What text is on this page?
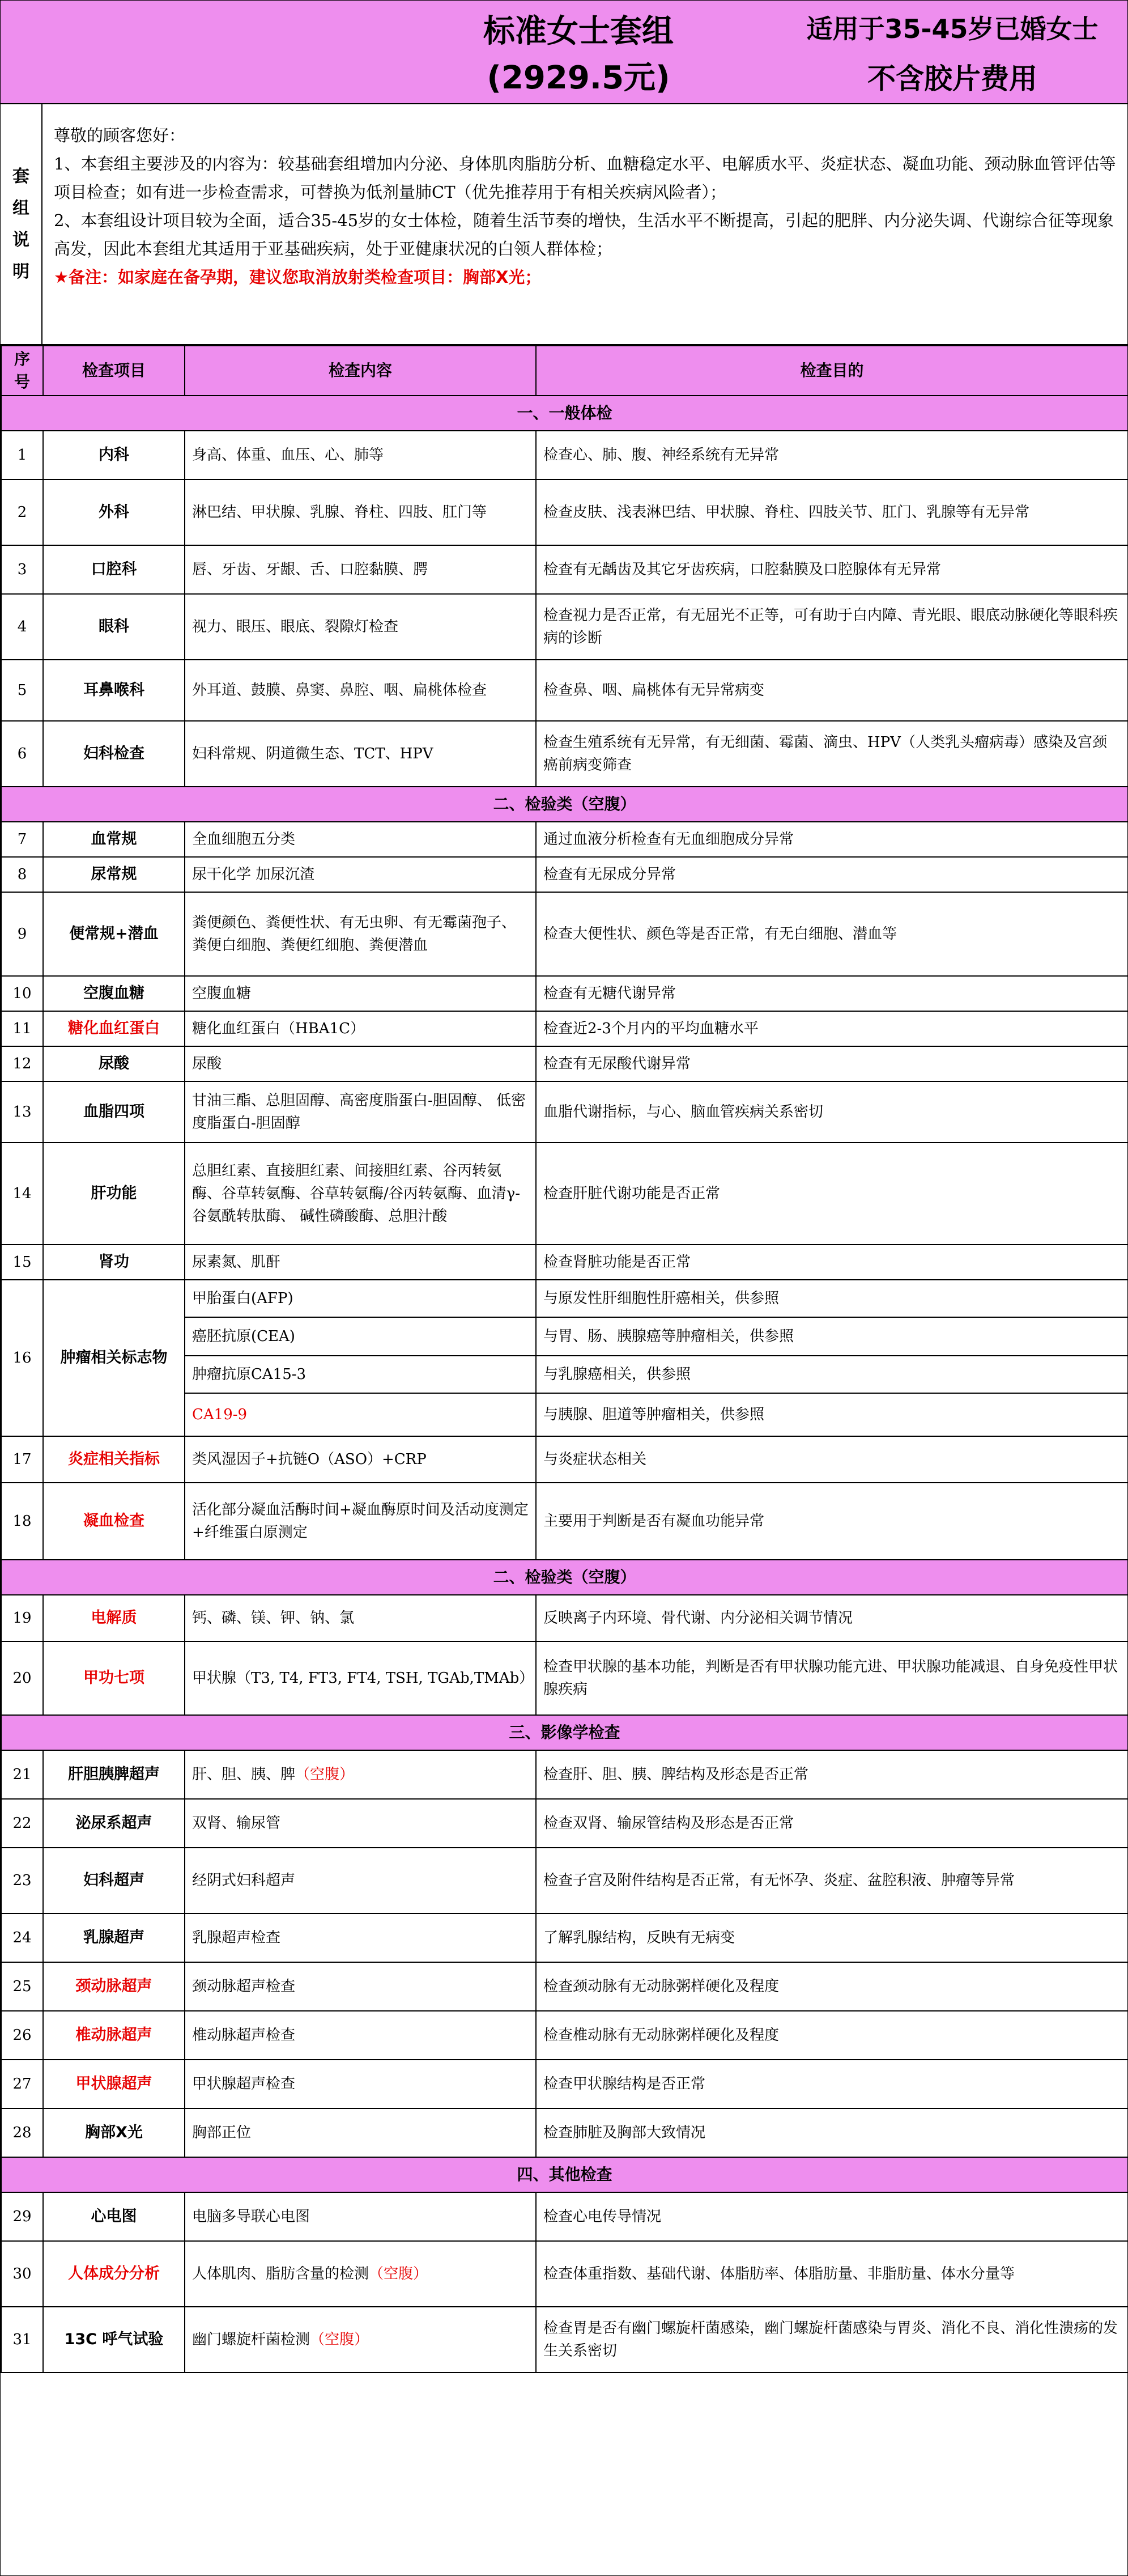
标准女士套组
(2929.5元)
适用于35-45岁已婚女士
不含胶片费用
套
组
说
明

尊敬的顾客您好：

1、本套组主要涉及的内容为：较基础套组增加内分泌、身体肌肉脂肪分析、血糖稳定水平、电解质水平、炎症状态、凝血功能、颈动脉血管评估等项目检查；如有进一步检查需求，可替换为低剂量肺CT（优先推荐用于有相关疾病风险者）；

2、本套组设计项目较为全面，适合35-45岁的女士体检，随着生活节奏的增快，生活水平不断提高，引起的肥胖、内分泌失调、代谢综合征等现象高发，因此本套组尤其适用于亚基础疾病，处于亚健康状况的白领人群体检；

★备注：如家庭在备孕期，建议您取消放射类检查项目：胸部X光；

序号	检查项目	检查内容	检查目的
一、一般体检			
1	内科	身高、体重、血压、心、肺等	检查心、肺、腹、神经系统有无异常
2	外科	淋巴结、甲状腺、乳腺、脊柱、四肢、肛门等	检查皮肤、浅表淋巴结、甲状腺、脊柱、四肢关节、肛门、乳腺等有无异常
3	口腔科	唇、牙齿、牙龈、舌、口腔黏膜、腭	检查有无龋齿及其它牙齿疾病，口腔黏膜及口腔腺体有无异常
4	眼科	视力、眼压、眼底、裂隙灯检查	检查视力是否正常，有无屈光不正等，可有助于白内障、青光眼、眼底动脉硬化等眼科疾病的诊断
5	耳鼻喉科	外耳道、鼓膜、鼻窦、鼻腔、咽、扁桃体检查	检查鼻、咽、扁桃体有无异常病变
6	妇科检查	妇科常规、阴道微生态、TCT、HPV	检查生殖系统有无异常，有无细菌、霉菌、滴虫、HPV（人类乳头瘤病毒）感染及宫颈癌前病变筛查
二、检验类（空腹）			
7	血常规	全血细胞五分类	通过血液分析检查有无血细胞成分异常
8	尿常规	尿干化学 加尿沉渣	检查有无尿成分异常
9	便常规+潜血	粪便颜色、粪便性状、有无虫卵、有无霉菌孢子、粪便白细胞、粪便红细胞、粪便潜血	检查大便性状、颜色等是否正常，有无白细胞、潜血等
10	空腹血糖	空腹血糖	检查有无糖代谢异常
11	糖化血红蛋白	糖化血红蛋白（HBA1C）	检查近2-3个月内的平均血糖水平
12	尿酸	尿酸	检查有无尿酸代谢异常
13	血脂四项	甘油三酯、总胆固醇、高密度脂蛋白-胆固醇、 低密度脂蛋白-胆固醇	血脂代谢指标，与心、脑血管疾病关系密切
14	肝功能	总胆红素、直接胆红素、间接胆红素、谷丙转氨酶、谷草转氨酶、谷草转氨酶/谷丙转氨酶、血清γ-谷氨酰转肽酶、 碱性磷酸酶、总胆汁酸	检查肝脏代谢功能是否正常
15	肾功	尿素氮、肌酐	检查肾脏功能是否正常
16	肿瘤相关标志物	甲胎蛋白(AFP)	与原发性肝细胞性肝癌相关，供参照
		癌胚抗原(CEA)	与胃、肠、胰腺癌等肿瘤相关，供参照
		肿瘤抗原CA15-3	与乳腺癌相关，供参照
		CA19-9	与胰腺、胆道等肿瘤相关，供参照
17	炎症相关指标	类风湿因子+抗链O（ASO）+CRP	与炎症状态相关
18	凝血检查	活化部分凝血活酶时间+凝血酶原时间及活动度测定+纤维蛋白原测定	主要用于判断是否有凝血功能异常
二、检验类（空腹）			
19	电解质	钙、磷、镁、钾、钠、氯	反映离子内环境、骨代谢、内分泌相关调节情况
20	甲功七项	甲状腺（T3, T4, FT3, FT4, TSH, TGAb,TMAb）	检查甲状腺的基本功能，判断是否有甲状腺功能亢进、甲状腺功能减退、自身免疫性甲状腺疾病
三、影像学检查			
21	肝胆胰脾超声	肝、胆、胰、脾（空腹）	检查肝、胆、胰、脾结构及形态是否正常
22	泌尿系超声	双肾、输尿管	检查双肾、输尿管结构及形态是否正常
23	妇科超声	经阴式妇科超声	检查子宫及附件结构是否正常，有无怀孕、炎症、盆腔积液、肿瘤等异常
24	乳腺超声	乳腺超声检查	了解乳腺结构，反映有无病变
25	颈动脉超声	颈动脉超声检查	检查颈动脉有无动脉粥样硬化及程度
26	椎动脉超声	椎动脉超声检查	检查椎动脉有无动脉粥样硬化及程度
27	甲状腺超声	甲状腺超声检查	检查甲状腺结构是否正常
28	胸部X光	胸部正位	检查肺脏及胸部大致情况
四、其他检查			
29	心电图	电脑多导联心电图	检查心电传导情况
30	人体成分分析	人体肌肉、脂肪含量的检测（空腹）	检查体重指数、基础代谢、体脂肪率、体脂肪量、非脂肪量、体水分量等
31	13C 呼气试验	幽门螺旋杆菌检测（空腹）	检查胃是否有幽门螺旋杆菌感染，幽门螺旋杆菌感染与胃炎、消化不良、消化性溃疡的发生关系密切
